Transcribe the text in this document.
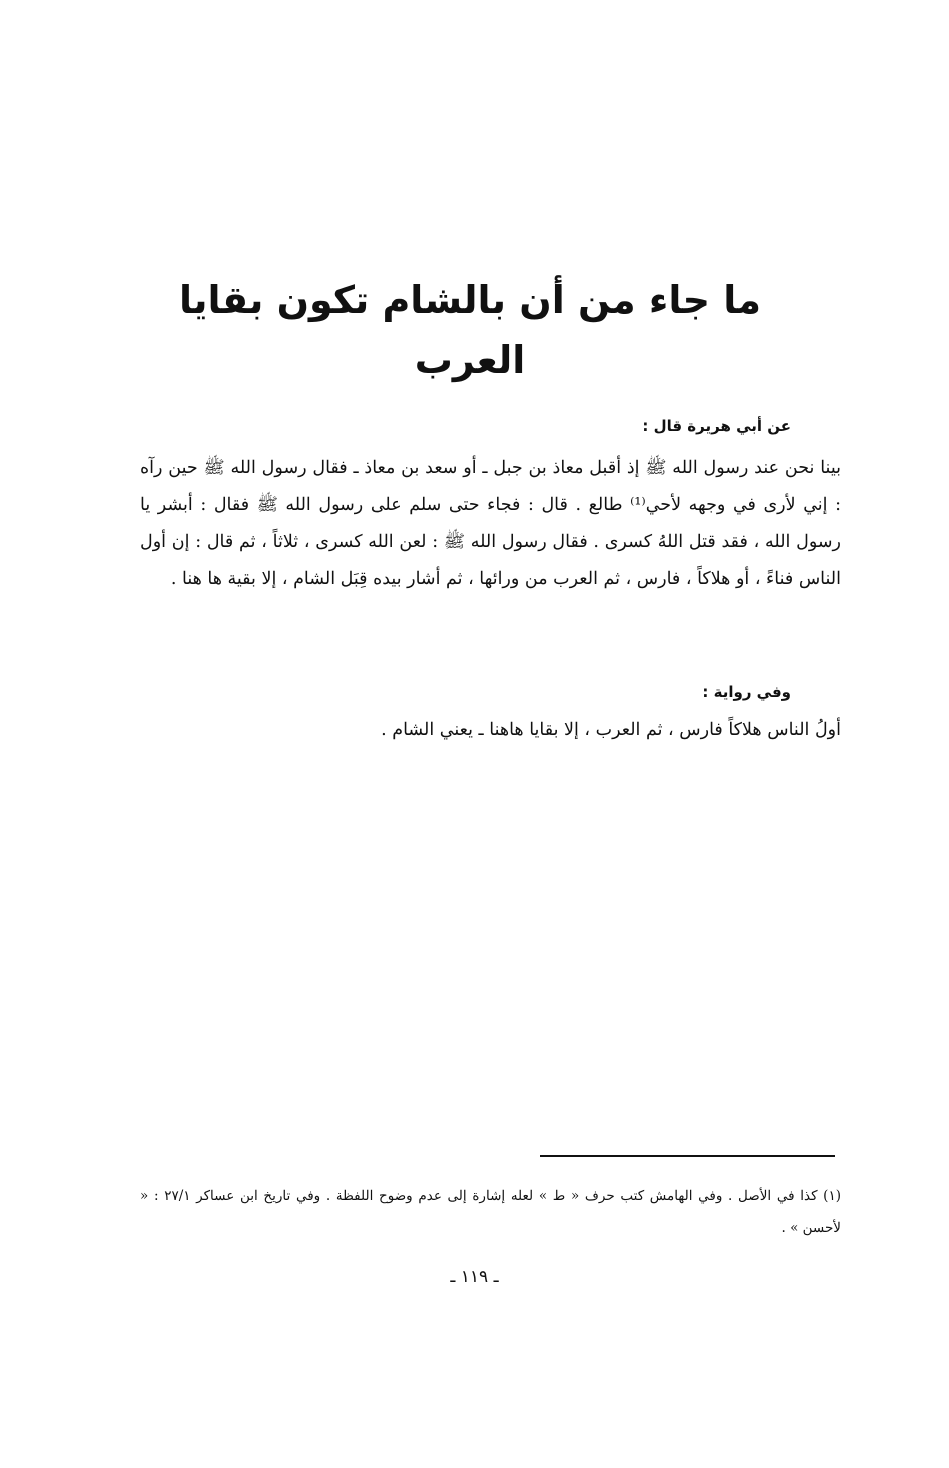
ما جاء من أن بالشام تكون بقايا العرب
عن أبي هريرة قال :

بينا نحن عند رسول الله ﷺ إذ أقبل معاذ بن جبل ـ أو سعد بن معاذ ـ فقال رسول الله ﷺ حين رآه : إني لأرى في وجهه لأحي⁽¹⁾ طالع . قال : فجاء حتى سلم على رسول الله ﷺ فقال : أبشر يا رسول الله ، فقد قتل اللهُ كسرى . فقال رسول الله ﷺ : لعن الله كسرى ، ثلاثاً ، ثم قال : إن أول الناس فناءً ، أو هلاكاً ، فارس ، ثم العرب من ورائها ، ثم أشار بيده قِبَل الشام ، إلا بقية ها هنا .

وفي رواية :
أولُ الناس هلاكاً فارس ، ثم العرب ، إلا بقايا هاهنا ـ يعني الشام .
(١) كذا في الأصل . وفي الهامش كتب حرف « ط » لعله إشارة إلى عدم وضوح اللفظة . وفي تاريخ ابن عساكر ٢٧/١ : « لأحسن » .
ـ ١١٩ ـ
